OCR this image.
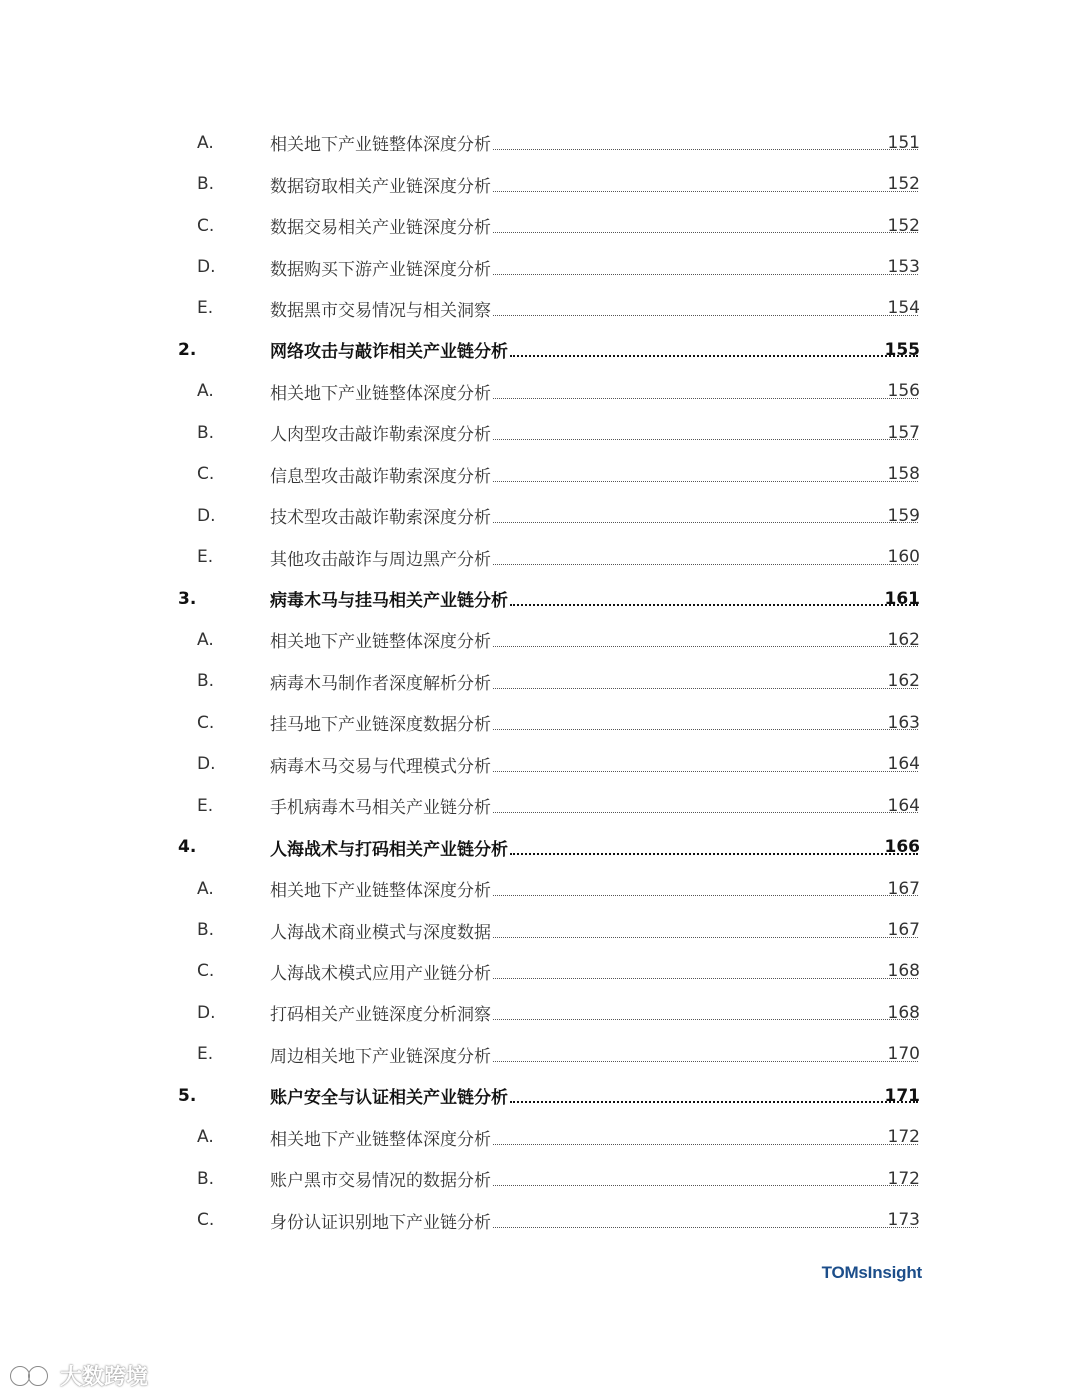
A.	相关地下产业链整体深度分析	151
B.	数据窃取相关产业链深度分析	152
C.	数据交易相关产业链深度分析	152
D.	数据购买下游产业链深度分析	153
E.	数据黑市交易情况与相关洞察	154
2.	网络攻击与敲诈相关产业链分析	155
A.	相关地下产业链整体深度分析	156
B.	人肉型攻击敲诈勒索深度分析	157
C.	信息型攻击敲诈勒索深度分析	158
D.	技术型攻击敲诈勒索深度分析	159
E.	其他攻击敲诈与周边黑产分析	160
3.	病毒木马与挂马相关产业链分析	161
A.	相关地下产业链整体深度分析	162
B.	病毒木马制作者深度解析分析	162
C.	挂马地下产业链深度数据分析	163
D.	病毒木马交易与代理模式分析	164
E.	手机病毒木马相关产业链分析	164
4.	人海战术与打码相关产业链分析	166
A.	相关地下产业链整体深度分析	167
B.	人海战术商业模式与深度数据	167
C.	人海战术模式应用产业链分析	168
D.	打码相关产业链深度分析洞察	168
E.	周边相关地下产业链深度分析	170
5.	账户安全与认证相关产业链分析	171
A.	相关地下产业链整体深度分析	172
B.	账户黑市交易情况的数据分析	172
C.	身份认证识别地下产业链分析	173
TOMsInsight
大数跨境
